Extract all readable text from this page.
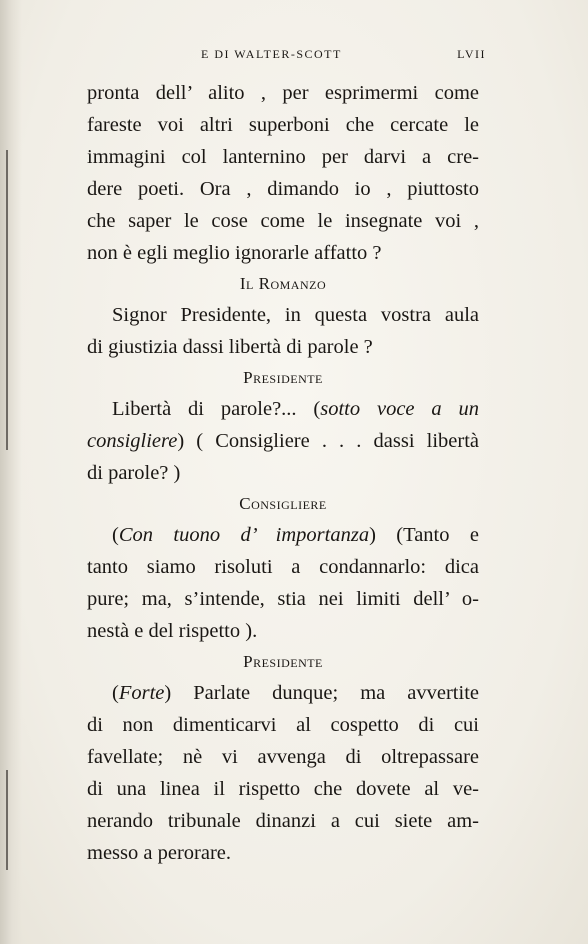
E DI WALTER-SCOTT	LVII
pronta dell’ alito , per esprimermi come
fareste voi altri superboni che cercate le
immagini col lanternino per darvi a cre-
dere poeti. Ora , dimando io , piuttosto
che saper le cose come le insegnate voi ,
non è egli meglio ignorarle affatto ?
Il Romanzo
Signor Presidente, in questa vostra aula
di giustizia dassi libertà di parole ?
Presidente
Libertà di parole?... (sotto voce a un
consigliere) ( Consigliere . . . dassi libertà
di parole? )
Consigliere
(Con tuono d’ importanza) (Tanto e
tanto siamo risoluti a condannarlo: dica
pure; ma, s’intende, stia nei limiti dell’ o-
nestà e del rispetto ).
Presidente
(Forte) Parlate dunque; ma avvertite
di non dimenticarvi al cospetto di cui
favellate; nè vi avvenga di oltrepassare
di una linea il rispetto che dovete al ve-
nerando tribunale dinanzi a cui siete am-
messo a perorare.
